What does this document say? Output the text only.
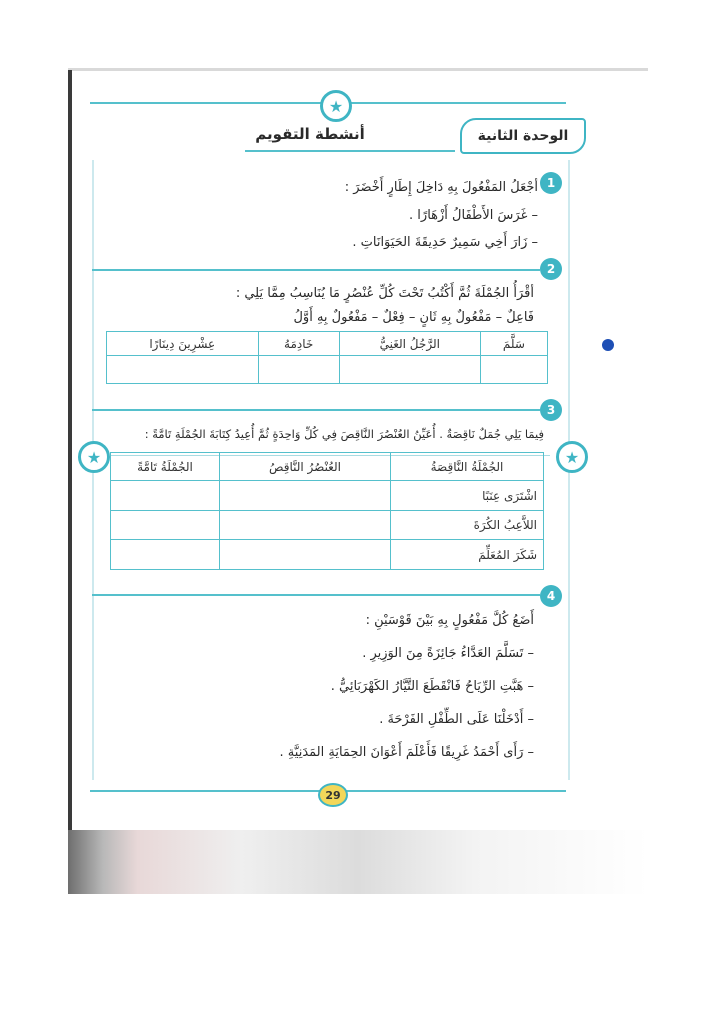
★
★	★
الوحدة الثانية
أنشطة التقويم
1
أجْعَلُ المَفْعُولَ بِهِ دَاخِلَ إِطَارٍ أَخْضَرَ :
– غَرَسَ الأَطْفَالُ أَزْهَارًا .
– زَارَ أَخِي سَمِيرٌ حَدِيقَةَ الحَيَوَانَاتِ .
2
أقْرَأُ الجُمْلَةَ ثُمَّ أَكْتُبُ تَحْتَ كُلِّ عُنْصُرٍ مَا يُنَاسِبُ مِمَّا يَلِي :
فَاعِلٌ – مَفْعُولٌ بِهِ ثَانٍ – فِعْلٌ – مَفْعُولٌ بِهِ أَوَّلُ
سَلَّمَ	الرَّجُلُ الغَنِيُّ	خَادِمَهُ	عِشْرِينَ دِينَارًا

3
فِيمَا يَلِي جُمَلٌ نَاقِصَةٌ . أُعَيِّنُ العُنْصُرَ النَّاقِصَ فِي كُلِّ وَاحِدَةٍ ثُمَّ أُعِيدُ كِتَابَةَ الجُمْلَةِ تَامَّةً :
الجُمْلَةُ النَّاقِصَةُ	العُنْصُرُ النَّاقِصُ	الجُمْلَةُ تَامَّةً
اشْتَرَى عِنَبًا		
اللاَّعِبُ الكُرَةَ		
شَكَرَ المُعَلِّمَ		
4
أَضَعُ كُلَّ مَفْعُولٍ بِهِ بَيْنَ قَوْسَيْنِ :
– تَسَلَّمَ العَدَّاءُ جَائِزَةً مِنَ الوَزِيرِ .
– هَبَّتِ الرِّيَاحُ فَانْقَطَعَ التَّيَّارُ الكَهْرَبَائِيُّ .
– أَدْخَلْنَا عَلَى الطِّفْلِ الفَرْحَةَ .
– رَأَى أَحْمَدُ غَرِيقًا فَأَعْلَمَ أَعْوَانَ الحِمَايَةِ المَدَنِيَّةِ .
29
